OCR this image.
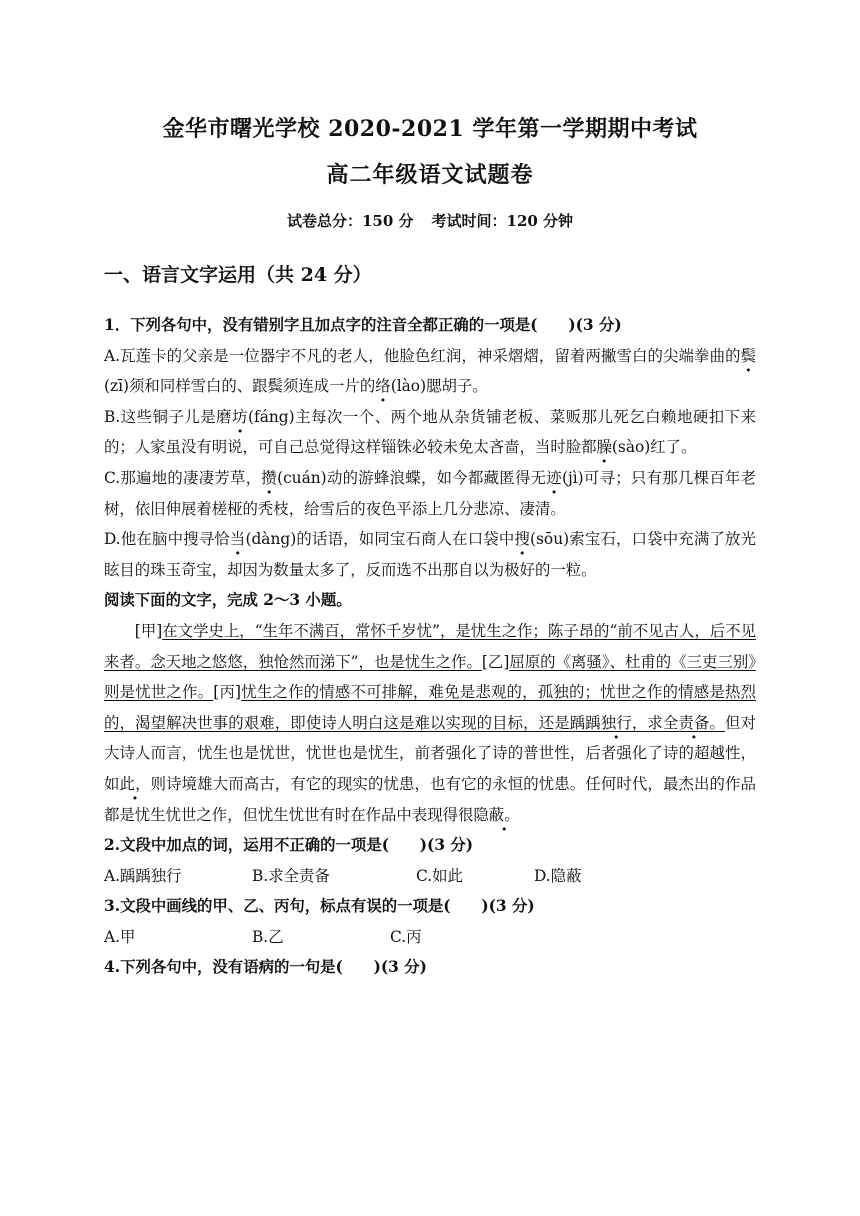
金华市曙光学校 2020-2021 学年第一学期期中考试
高二年级语文试题卷
试卷总分：150 分 考试时间：120 分钟
一、语言文字运用（共 24 分）

1．下列各句中，没有错别字且加点字的注音全都正确的一项是(　　)(3 分)

A.瓦莲卡的父亲是一位器宇不凡的老人，他脸色红润，神采熠熠，留着两撇雪白的尖端拳曲的鬓(zī)须和同样雪白的、跟鬓须连成一片的络(lào)腮胡子。

B.这些铜子儿是磨坊(fáng)主每次一个、两个地从杂货铺老板、菜贩那儿死乞白赖地硬扣下来的；人家虽没有明说，可自己总觉得这样锱铢必较未免太吝啬，当时脸都臊(sào)红了。

C.那遍地的凄凄芳草，攒(cuán)动的游蜂浪蝶，如今都藏匿得无迹(jì)可寻；只有那几棵百年老树，依旧伸展着槎桠的秃枝，给雪后的夜色平添上几分悲凉、凄清。

D.他在脑中搜寻恰当(dàng)的话语，如同宝石商人在口袋中搜(sōu)索宝石，口袋中充满了放光眩目的珠玉奇宝，却因为数量太多了，反而选不出那自以为极好的一粒。

阅读下面的文字，完成 2～3 小题。

[甲]在文学史上，“生年不满百，常怀千岁忧”，是忧生之作；陈子昂的“前不见古人，后不见来者。念天地之悠悠，独怆然而涕下”，也是忧生之作。[乙]屈原的《离骚》、杜甫的《三吏三别》则是忧世之作。[丙]忧生之作的情感不可排解，难免是悲观的，孤独的；忧世之作的情感是热烈的，渴望解决世事的艰难，即使诗人明白这是难以实现的目标，还是踽踽独行，求全责备。但对大诗人而言，忧生也是忧世，忧世也是忧生，前者强化了诗的普世性，后者强化了诗的超越性，如此，则诗境雄大而高古，有它的现实的忧患，也有它的永恒的忧患。任何时代，最杰出的作品都是忧生忧世之作，但忧生忧世有时在作品中表现得很隐蔽。

2.文段中加点的词，运用不正确的一项是(　　)(3 分)

A.踽踽独行	B.求全责备	C.如此	D.隐蔽

3.文段中画线的甲、乙、丙句，标点有误的一项是(　　)(3 分)

A.甲	B.乙	C.丙

4.下列各句中，没有语病的一句是(　　)(3 分)
